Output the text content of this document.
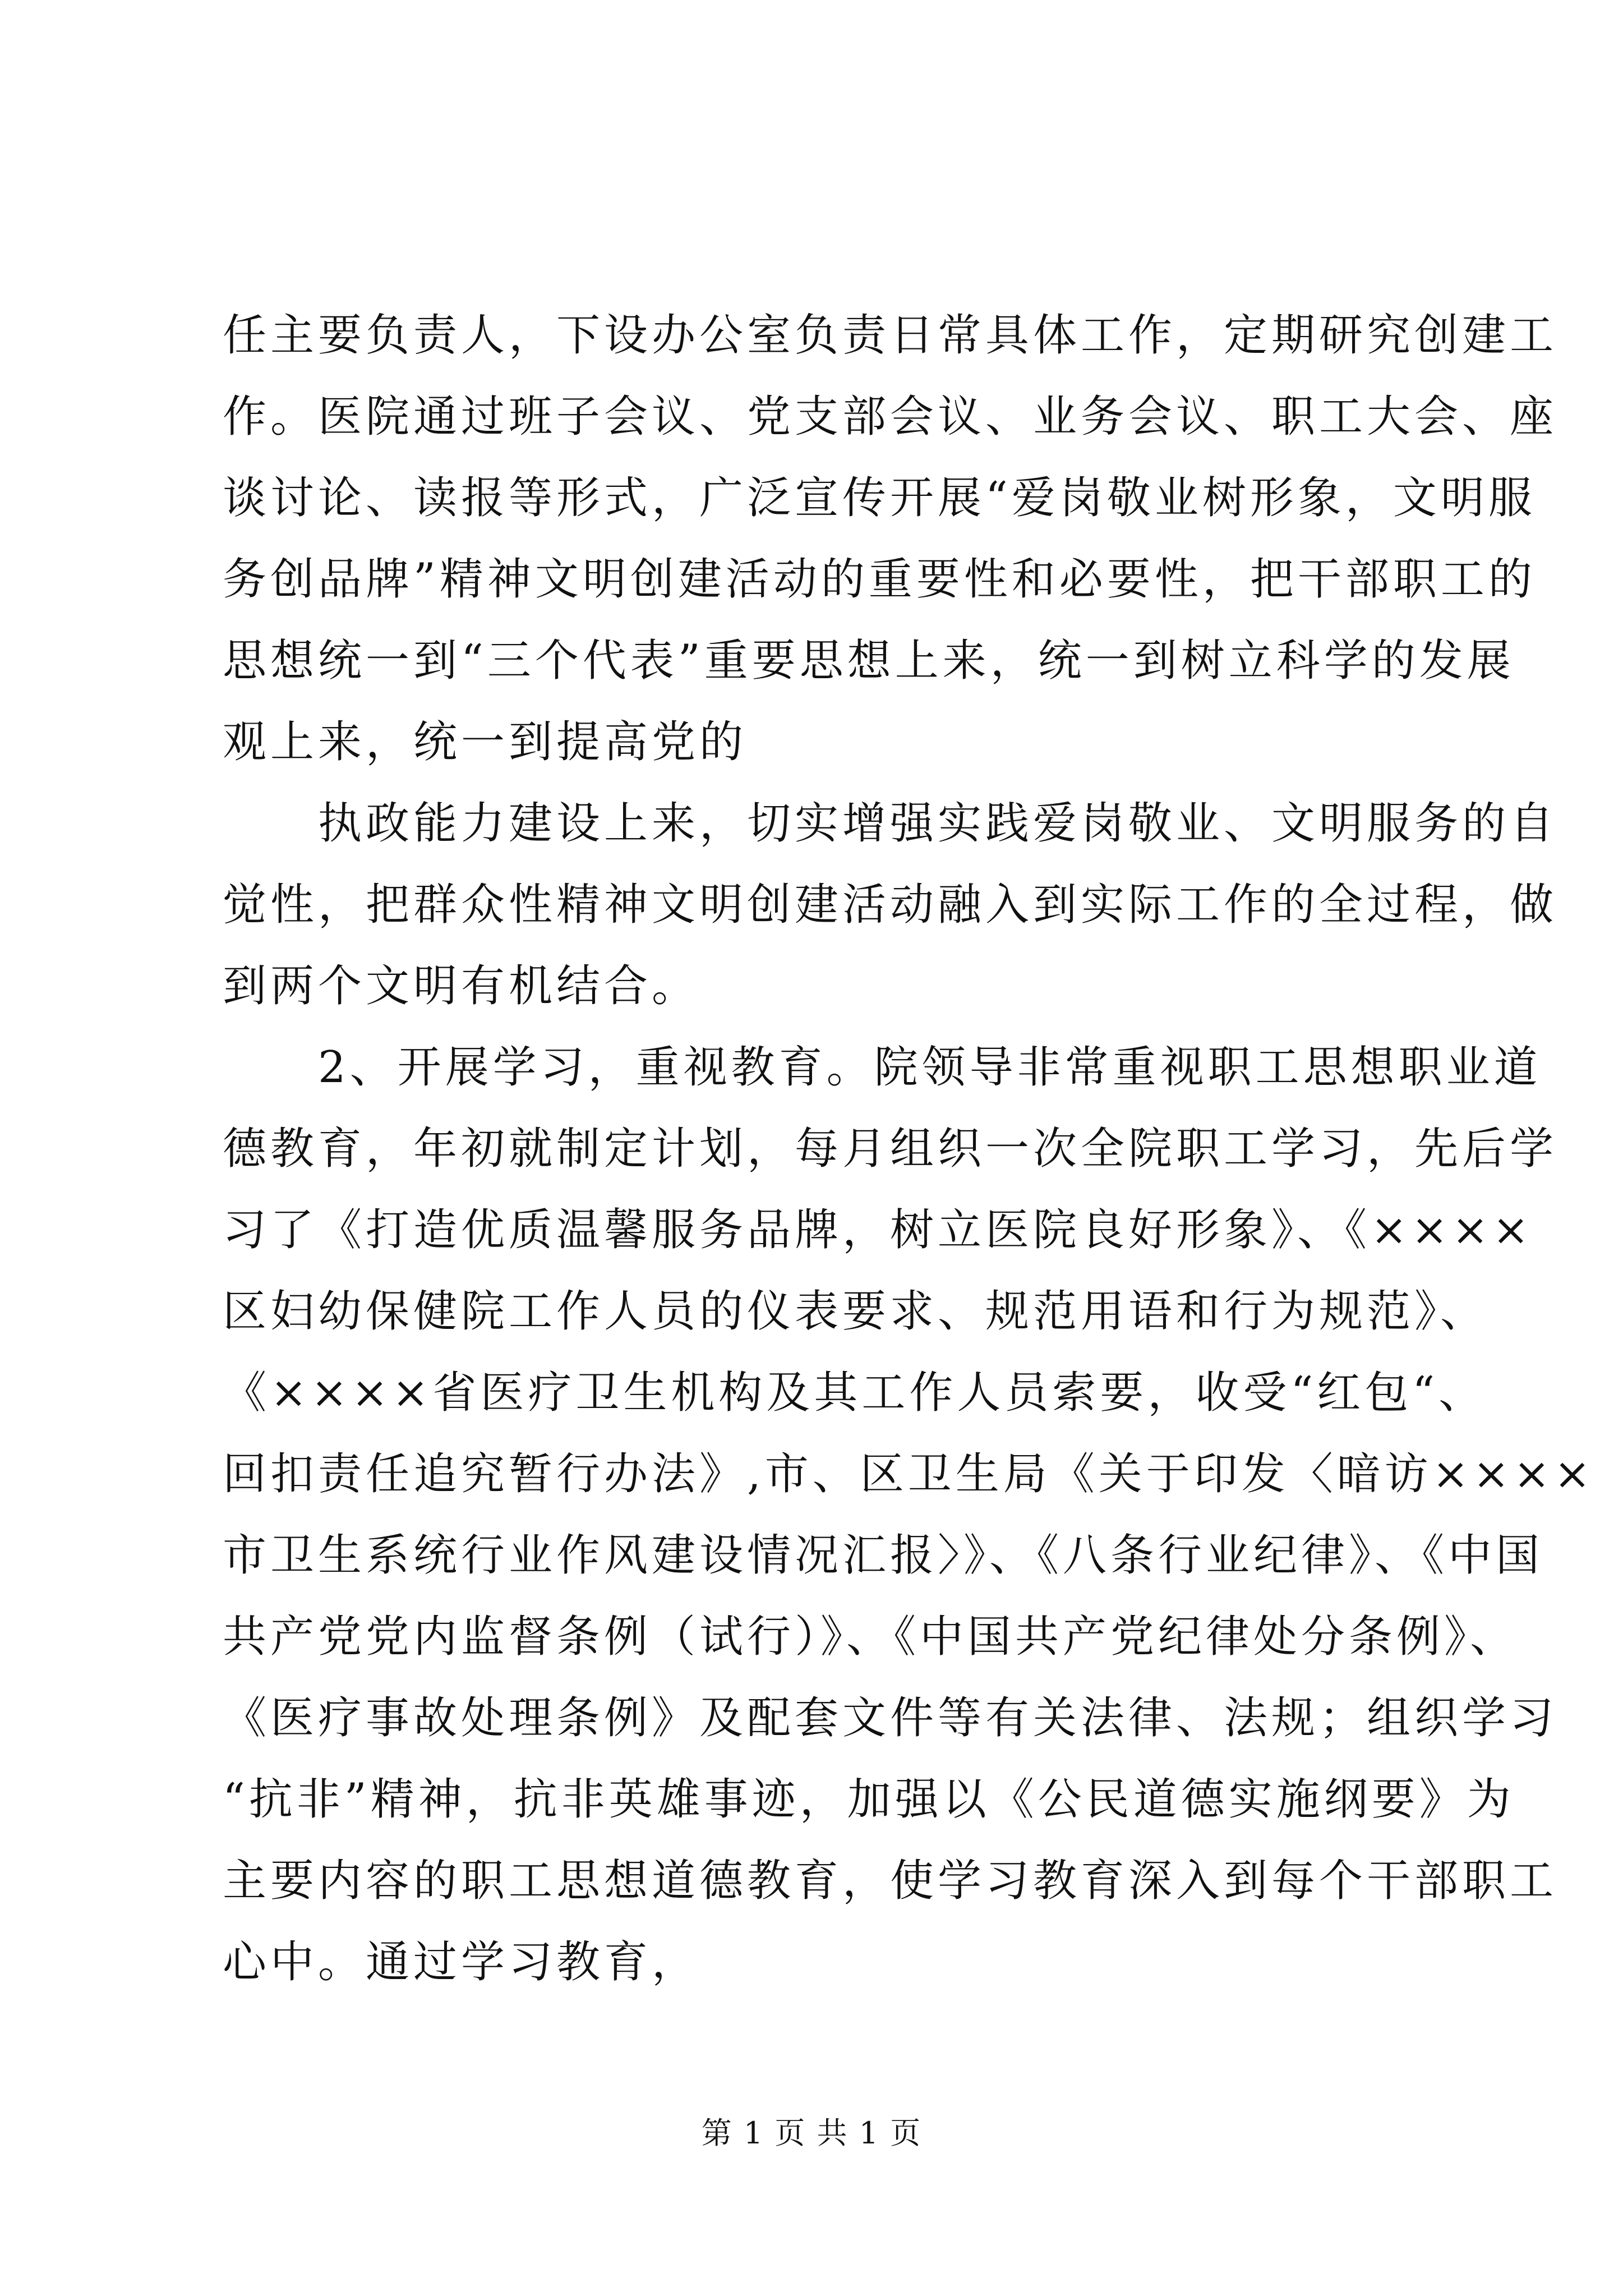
任主要负责人，下设办公室负责日常具体工作，定期研究创建工
作。医院通过班子会议、党支部会议、业务会议、职工大会、座
谈讨论、读报等形式，广泛宣传开展“爱岗敬业树形象，文明服
务创品牌”精神文明创建活动的重要性和必要性，把干部职工的
思想统一到“三个代表”重要思想上来，统一到树立科学的发展
观上来，统一到提高党的
执政能力建设上来，切实增强实践爱岗敬业、文明服务的自
觉性，把群众性精神文明创建活动融入到实际工作的全过程，做
到两个文明有机结合。
2、开展学习，重视教育。院领导非常重视职工思想职业道
德教育，年初就制定计划，每月组织一次全院职工学习，先后学
习了《打造优质温馨服务品牌，树立医院良好形象》、《××××
区妇幼保健院工作人员的仪表要求、规范用语和行为规范》、
《××××省医疗卫生机构及其工作人员索要，收受“红包“、
回扣责任追究暂行办法》,市、区卫生局《关于印发〈暗访××××
市卫生系统行业作风建设情况汇报〉》、《八条行业纪律》、《中国
共产党党内监督条例（试行）》、《中国共产党纪律处分条例》、
《医疗事故处理条例》及配套文件等有关法律、法规；组织学习
“抗非”精神，抗非英雄事迹，加强以《公民道德实施纲要》为
主要内容的职工思想道德教育，使学习教育深入到每个干部职工
心中。通过学习教育，
第 1 页 共 1 页
